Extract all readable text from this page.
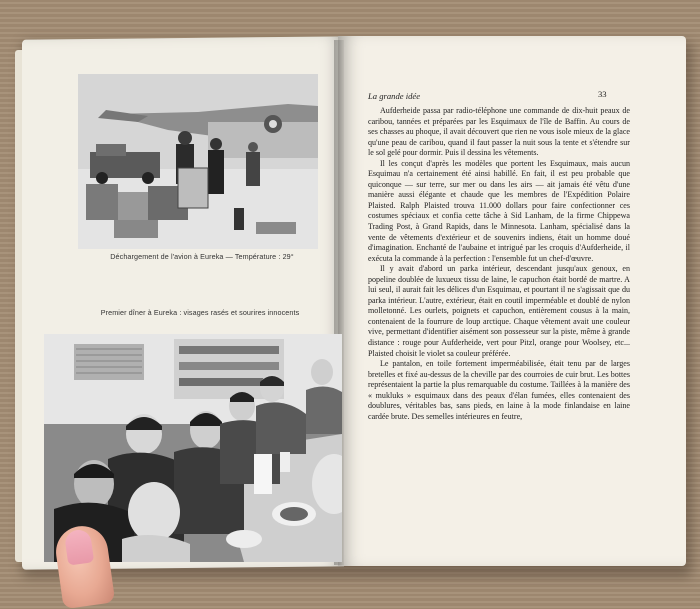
Déchargement de l'avion à Eureka — Température : 29°
Premier dîner à Eureka : visages rasés et sourires innocents
La grande idée	33

Aufderheide passa par radio-téléphone une commande de dix-huit peaux de caribou, tannées et préparées par les Esquimaux de l'île de Baffin. Au cours de ses chasses au phoque, il avait découvert que rien ne vous isole mieux de la glace qu'une peau de caribou, quand il faut passer la nuit sous la tente et s'étendre sur le sol gelé pour dormir. Puis il dessina les vêtements.

Il les conçut d'après les modèles que portent les Esquimaux, mais aucun Esquimau n'a certainement été ainsi habillé. En fait, il est peu probable que quiconque — sur terre, sur mer ou dans les airs — ait jamais été vêtu d'une manière aussi élégante et chaude que les membres de l'Expédition Polaire Plaisted. Ralph Plaisted trouva 11.000 dollars pour faire confectionner ces costumes spéciaux et confia cette tâche à Sid Lanham, de la firme Chippewa Trading Post, à Grand Rapids, dans le Minnesota. Lanham, spécialisé dans la vente de vêtements d'extérieur et de souvenirs indiens, était un homme doué d'imagination. Enchanté de l'aubaine et intrigué par les croquis d'Aufderheide, il exécuta la commande à la perfection : l'ensemble fut un chef-d'œuvre.

Il y avait d'abord un parka intérieur, descendant jusqu'aux genoux, en popeline doublée de luxueux tissu de laine, le capuchon était bordé de martre. A lui seul, il aurait fait les délices d'un Esquimau, et pourtant il ne s'agissait que du parka intérieur. L'autre, extérieur, était en coutil imperméable et doublé de nylon molletonné. Les ourlets, poignets et capuchon, entièrement cousus à la main, contenaient de la fourrure de loup arctique. Chaque vêtement avait une couleur vive, permettant d'identifier aisément son possesseur sur la piste, même à grande distance : rouge pour Aufderheide, vert pour Pitzl, orange pour Woolsey, etc... Plaisted choisit le violet sa couleur préférée.

Le pantalon, en toile fortement imperméabilisée, était tenu par de larges bretelles et fixé au-dessus de la cheville par des courroies de cuir brut. Les bottes représentaient la partie la plus remarquable du costume. Taillées à la manière des « mukluks » esquimaux dans des peaux d'élan fumées, elles contenaient des doublures, véritables bas, sans pieds, en laine à la mode finlandaise en laine cardée brute. Des semelles intérieures en feutre,
